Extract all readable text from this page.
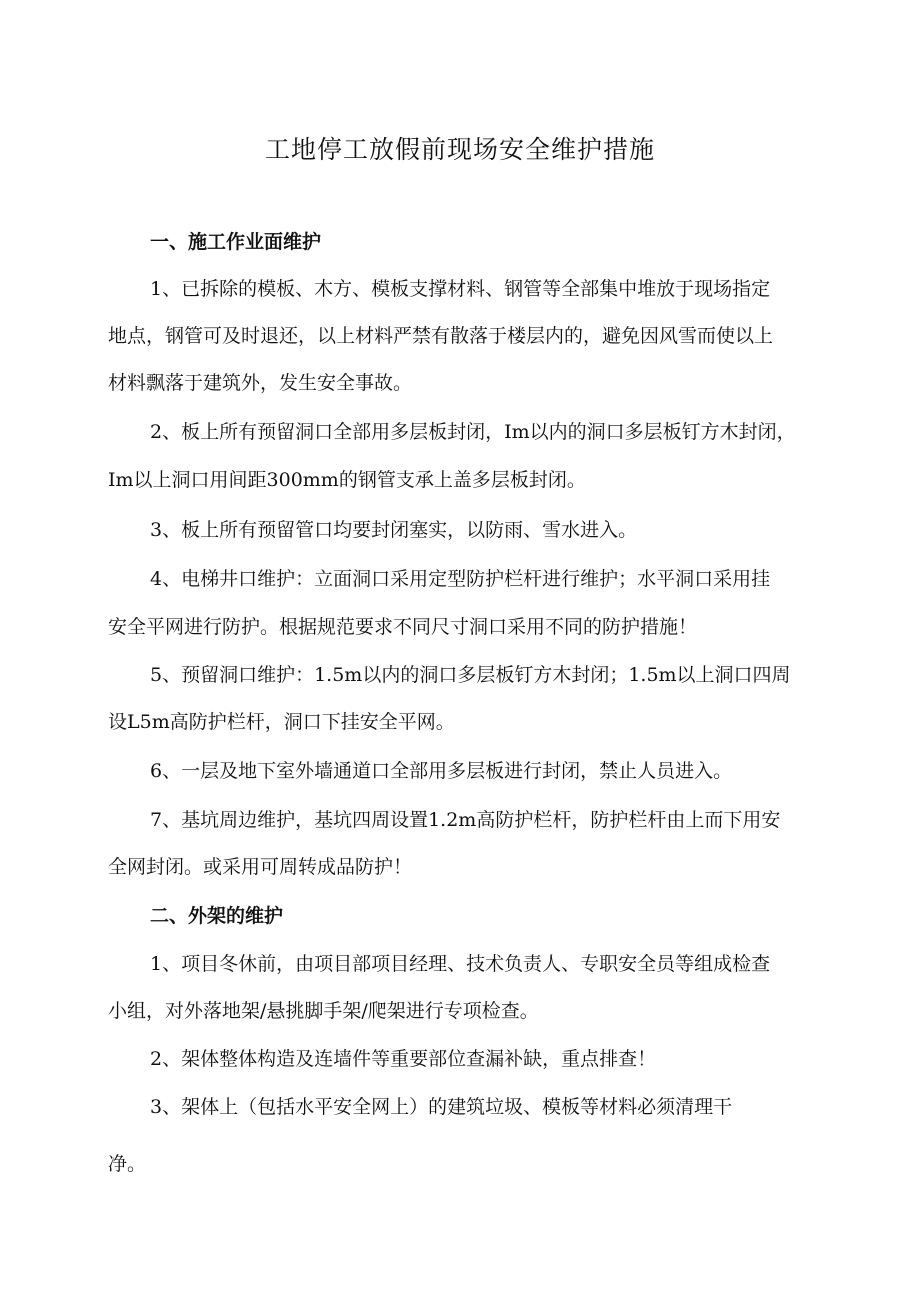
工地停工放假前现场安全维护措施
一、施工作业面维护
1、已拆除的模板、木方、模板支撑材料、钢管等全部集中堆放于现场指定
地点，钢管可及时退还，以上材料严禁有散落于楼层内的，避免因风雪而使以上
材料飘落于建筑外，发生安全事故。
2、板上所有预留洞口全部用多层板封闭，Im以内的洞口多层板钉方木封闭，
Im以上洞口用间距300mm的钢管支承上盖多层板封闭。
3、板上所有预留管口均要封闭塞实，以防雨、雪水进入。
4、电梯井口维护：立面洞口采用定型防护栏杆进行维护；水平洞口采用挂
安全平网进行防护。根据规范要求不同尺寸洞口采用不同的防护措施！
5、预留洞口维护：1.5m以内的洞口多层板钉方木封闭；1.5m以上洞口四周
设L5m高防护栏杆，洞口下挂安全平网。
6、一层及地下室外墙通道口全部用多层板进行封闭，禁止人员进入。
7、基坑周边维护，基坑四周设置1.2m高防护栏杆，防护栏杆由上而下用安
全网封闭。或采用可周转成品防护！
二、外架的维护
1、项目冬休前，由项目部项目经理、技术负责人、专职安全员等组成检查
小组，对外落地架/悬挑脚手架/爬架进行专项检查。
2、架体整体构造及连墙件等重要部位查漏补缺，重点排查！
3、架体上（包括水平安全网上）的建筑垃圾、模板等材料必须清理干
净。
